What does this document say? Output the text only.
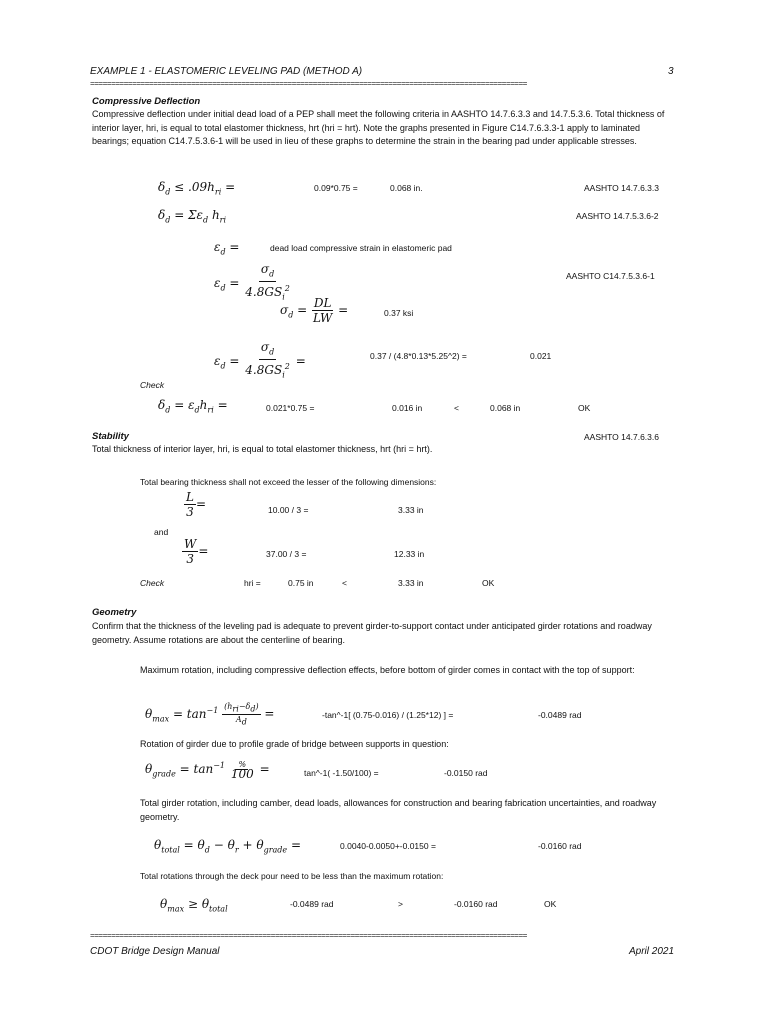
EXAMPLE 1 - ELASTOMERIC LEVELING PAD (METHOD A)	3
========================================================================================================
Compressive Deflection
Compressive deflection under initial dead load of a PEP shall meet the following criteria in AASHTO 14.7.6.3.3 and 14.7.5.3.6. Total thickness of interior layer, hri, is equal to total elastomer thickness, hrt (hri = hrt). Note the graphs presented in Figure C14.7.6.3.3-1 apply to laminated bearings; equation C14.7.5.3.6-1 will be used in lieu of these graphs to determine the strain in the bearing pad under applicable stresses.
$\delta_d \le .09h_{ri}$ =	0.09*0.75 =	0.068 in.	AASHTO 14.7.6.3.3
$\delta_d = \Sigma\varepsilon_d$ $h_{ri}$	AASHTO 14.7.5.3.6-2
$\varepsilon_d$ =	dead load compressive strain in elastomeric pad
$\varepsilon_d = \frac{\sigma_d}{4.8GS_i^2}$	AASHTO C14.7.5.3.6-1
$\sigma_d = \frac{DL}{LW}$ =	0.37 ksi
$\varepsilon_d = \frac{\sigma_d}{4.8GS_i^2}$ =	0.37 / (4.8*0.13*5.25^2) =	0.021
Check
$\delta_d = \varepsilon_dh_{ri}$ =	0.021*0.75 =	0.016 in	<	0.068 in	OK
Stability	AASHTO 14.7.6.3.6
Total thickness of interior layer, hri, is equal to total elastomer thickness, hrt (hri = hrt).
Total bearing thickness shall not exceed the lesser of the following dimensions:
$\frac{L}{3}$ =	10.00 / 3 =	3.33 in
and
$\frac{W}{3}$ =	37.00 / 3 =	12.33 in
Check	hri =	0.75 in	<	3.33 in	OK
Geometry
Confirm that the thickness of the leveling pad is adequate to prevent girder-to-support contact under anticipated girder rotations and roadway geometry. Assume rotations are about the centerline of bearing.
Maximum rotation, including compressive deflection effects, before bottom of girder comes in contact with the top of support:
$\theta_{max} = \tan^{-1} \frac{(h_{ri}-\delta_d)}{A_d}$ =	-tan^-1[ (0.75-0.016) / (1.25*12) ] =	-0.0489 rad
Rotation of girder due to profile grade of bridge between supports in question:
$\theta_{grade} = \tan^{-1} \frac{\%}{100}$ =	tan^-1( -1.50/100) =	-0.0150 rad
Total girder rotation, including camber, dead loads, allowances for construction and bearing fabrication uncertainties, and roadway geometry.
$\theta_{total} = \theta_d - \theta_r + \theta_{grade}$ =	0.0040-0.0050+-0.0150 =	-0.0160 rad
Total rotations through the deck pour need to be less than the maximum rotation:
$\theta_{max} \ge \theta_{total}$	-0.0489 rad	>	-0.0160 rad	OK
========================================================================================================
CDOT Bridge Design Manual	April 2021
